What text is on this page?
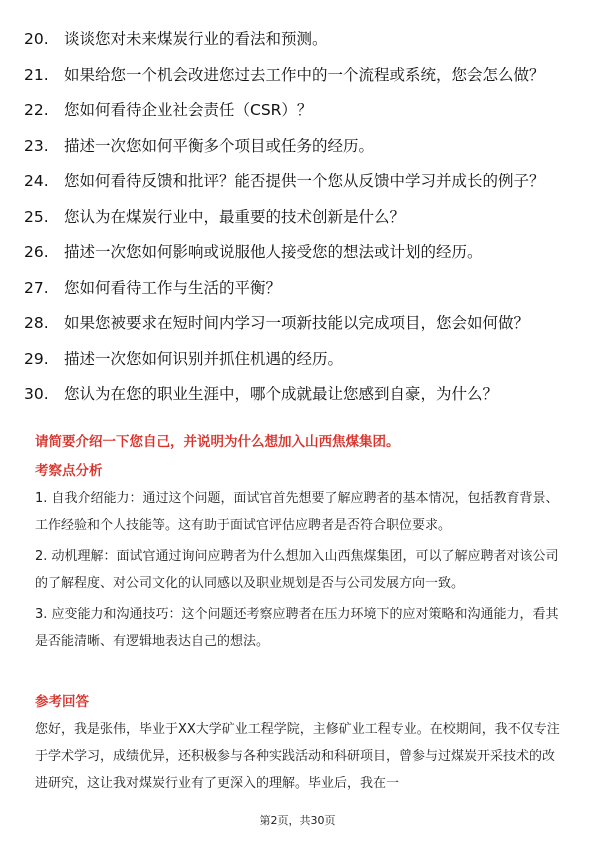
20. 谈谈您对未来煤炭行业的看法和预测。
21. 如果给您一个机会改进您过去工作中的一个流程或系统，您会怎么做？
22. 您如何看待企业社会责任（CSR）？
23. 描述一次您如何平衡多个项目或任务的经历。
24. 您如何看待反馈和批评？能否提供一个您从反馈中学习并成长的例子？
25. 您认为在煤炭行业中，最重要的技术创新是什么？
26. 描述一次您如何影响或说服他人接受您的想法或计划的经历。
27. 您如何看待工作与生活的平衡？
28. 如果您被要求在短时间内学习一项新技能以完成项目，您会如何做？
29. 描述一次您如何识别并抓住机遇的经历。
30. 您认为在您的职业生涯中，哪个成就最让您感到自豪，为什么？
请简要介绍一下您自己，并说明为什么想加入山西焦煤集团。
考察点分析
1. 自我介绍能力：通过这个问题，面试官首先想要了解应聘者的基本情况，包括教育背景、工作经验和个人技能等。这有助于面试官评估应聘者是否符合职位要求。
2. 动机理解：面试官通过询问应聘者为什么想加入山西焦煤集团，可以了解应聘者对该公司的了解程度、对公司文化的认同感以及职业规划是否与公司发展方向一致。
3. 应变能力和沟通技巧：这个问题还考察应聘者在压力环境下的应对策略和沟通能力，看其是否能清晰、有逻辑地表达自己的想法。
参考回答
您好，我是张伟，毕业于XX大学矿业工程学院，主修矿业工程专业。在校期间，我不仅专注于学术学习，成绩优异，还积极参与各种实践活动和科研项目，曾参与过煤炭开采技术的改进研究，这让我对煤炭行业有了更深入的理解。毕业后，我在一
第2页，共30页
